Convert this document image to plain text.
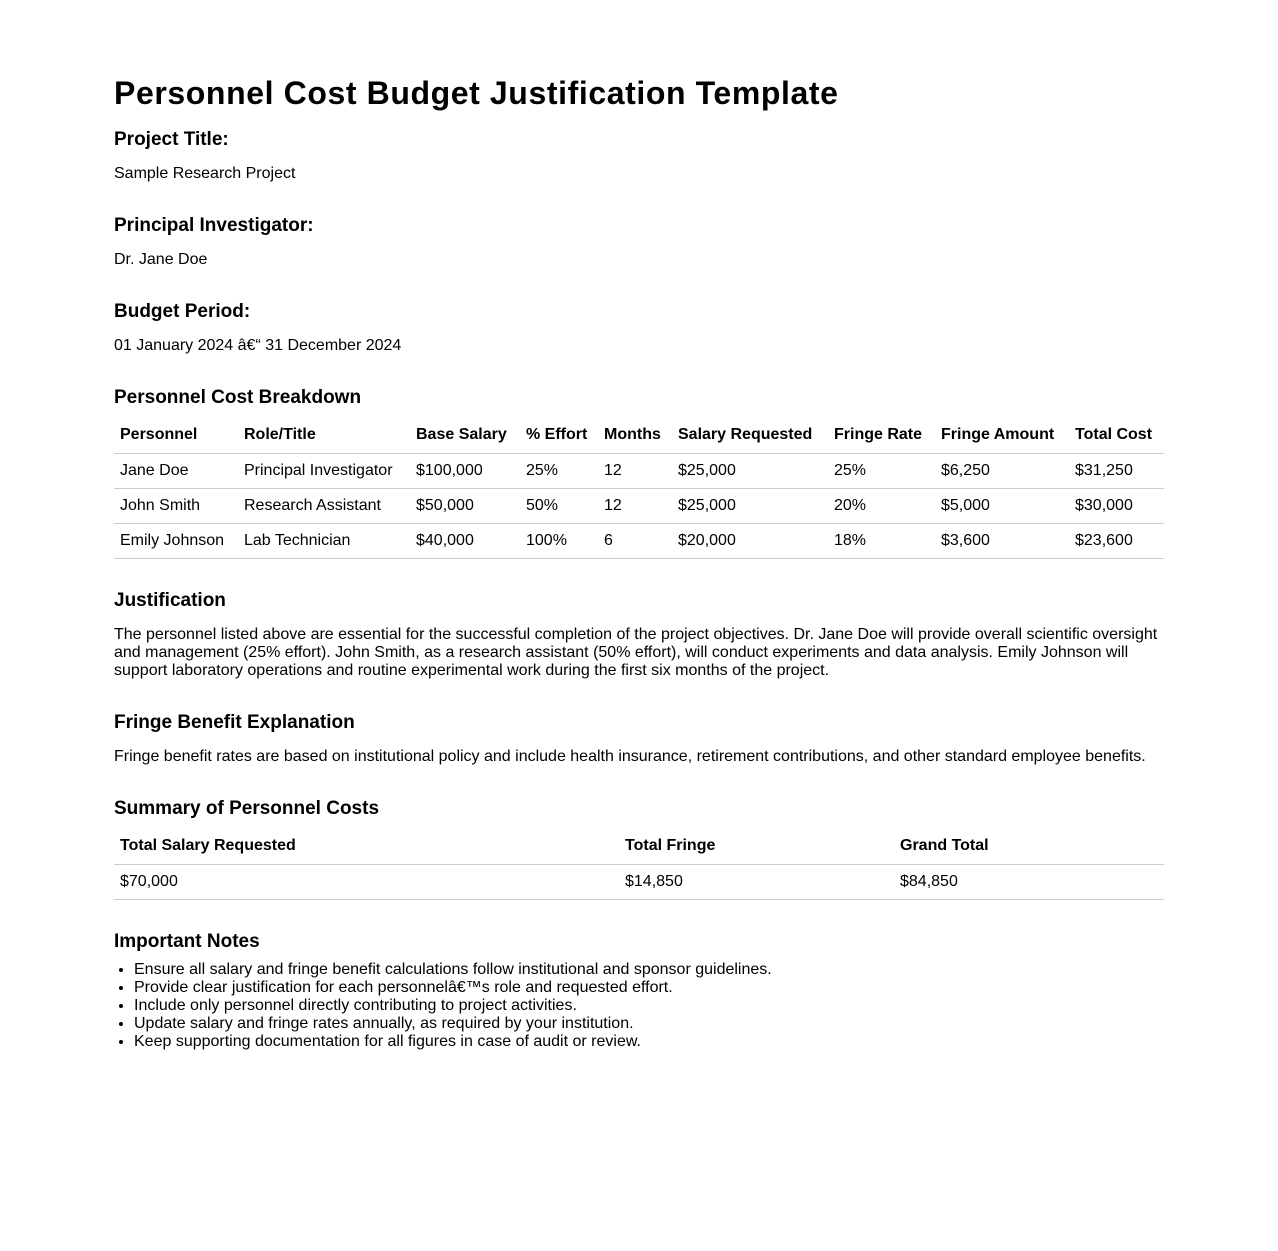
Personnel Cost Budget Justification Template
Project Title:

Sample Research Project

Principal Investigator:

Dr. Jane Doe

Budget Period:

01 January 2024 â€“ 31 December 2024

Personnel Cost Breakdown
Personnel	Role/Title	Base Salary	% Effort	Months	Salary Requested	Fringe Rate	Fringe Amount	Total Cost
Jane Doe	Principal Investigator	$100,000	25%	12	$25,000	25%	$6,250	$31,250
John Smith	Research Assistant	$50,000	50%	12	$25,000	20%	$5,000	$30,000
Emily Johnson	Lab Technician	$40,000	100%	6	$20,000	18%	$3,600	$23,600
Justification

The personnel listed above are essential for the successful completion of the project objectives. Dr. Jane Doe will provide overall scientific oversight and management (25% effort). John Smith, as a research assistant (50% effort), will conduct experiments and data analysis. Emily Johnson will support laboratory operations and routine experimental work during the first six months of the project.

Fringe Benefit Explanation

Fringe benefit rates are based on institutional policy and include health insurance, retirement contributions, and other standard employee benefits.

Summary of Personnel Costs
Total Salary Requested	Total Fringe	Grand Total
$70,000	$14,850	$84,850
Important Notes
• Ensure all salary and fringe benefit calculations follow institutional and sponsor guidelines.
• Provide clear justification for each personnelâ€™s role and requested effort.
• Include only personnel directly contributing to project activities.
• Update salary and fringe rates annually, as required by your institution.
• Keep supporting documentation for all figures in case of audit or review.
